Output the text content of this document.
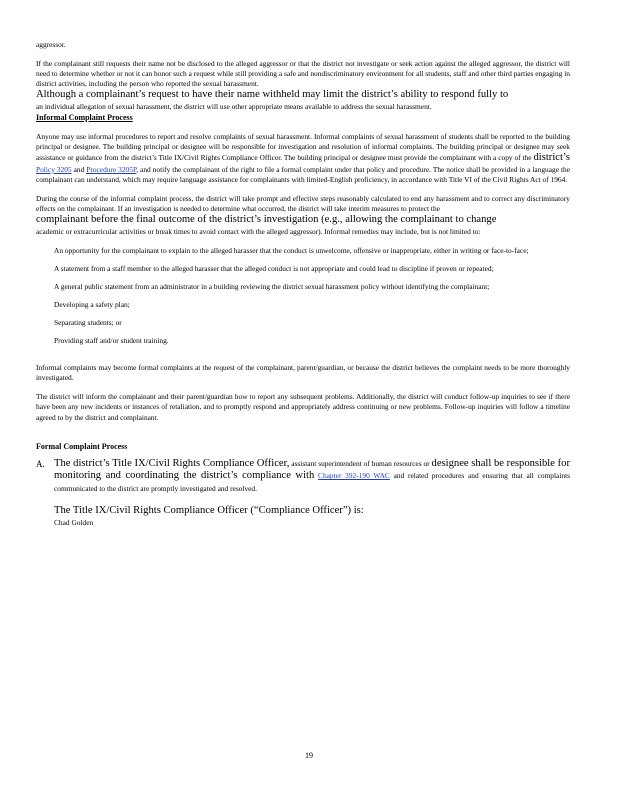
aggressor.

If the complainant still requests their name not be disclosed to the alleged aggressor or that the district not investigate or seek action against the alleged aggressor, the district will need to determine whether or not it can honor such a request while still providing a safe and nondiscriminatory environment for all students, staff and other third parties engaging in district activities, including the person who reported the sexual harassment.

Although a complainant’s request to have their name withheld may limit the district’s ability to respond fully to

an individual allegation of sexual harassment, the district will use other appropriate means available to address the sexual harassment.

Informal Complaint Process

Anyone may use informal procedures to report and resolve complaints of sexual harassment. Informal complaints of sexual harassment of students shall be reported to the building principal or designee. The building principal or designee will be responsible for investigation and resolution of informal complaints. The building principal or designee may seek assistance or guidance from the district’s Title IX/Civil Rights Compliance Officer. The building principal or designee must provide the complainant with a copy of the district’s Policy 3205 and Procedure 3205P, and notify the complainant of the right to file a formal complaint under that policy and procedure. The notice shall be provided in a language the complainant can understand, which may require language assistance for complainants with limited-English proficiency, in accordance with Title VI of the Civil Rights Act of 1964.

During the course of the informal complaint process, the district will take prompt and effective steps reasonably calculated to end any harassment and to correct any discriminatory effects on the complainant. If an investigation is needed to determine what occurred, the district will take interim measures to protect the

complainant before the final outcome of the district’s investigation (e.g., allowing the complainant to change

academic or extracurricular activities or break times to avoid contact with the alleged aggressor). Informal remedies may include, but is not limited to:

An opportunity for the complainant to explain to the alleged harasser that the conduct is unwelcome, offensive or inappropriate, either in writing or face-to-face;
A statement from a staff member to the alleged harasser that the alleged conduct is not appropriate and could lead to discipline if proven or repeated;
A general public statement from an administrator in a building reviewing the district sexual harassment policy without identifying the complainant;
Developing a safety plan;
Separating students; or
Providing staff and/or student training.

Informal complaints may become formal complaints at the request of the complainant, parent/guardian, or because the district believes the complaint needs to be more thoroughly investigated.

The district will inform the complainant and their parent/guardian how to report any subsequent problems. Additionally, the district will conduct follow-up inquiries to see if there have been any new incidents or instances of retaliation, and to promptly respond and appropriately address continuing or new problems. Follow-up inquiries will follow a timeline agreed to by the district and complainant.

Formal Complaint Process

A. The district’s Title IX/Civil Rights Compliance Officer, assistant superintendent of human resources or designee shall be responsible for monitoring and coordinating the district’s compliance with Chapter 392-190 WAC and related procedures and ensuring that all complaints communicated to the district are promptly investigated and resolved.

The Title IX/Civil Rights Compliance Officer (“Compliance Officer”) is:

Chad Golden

19
